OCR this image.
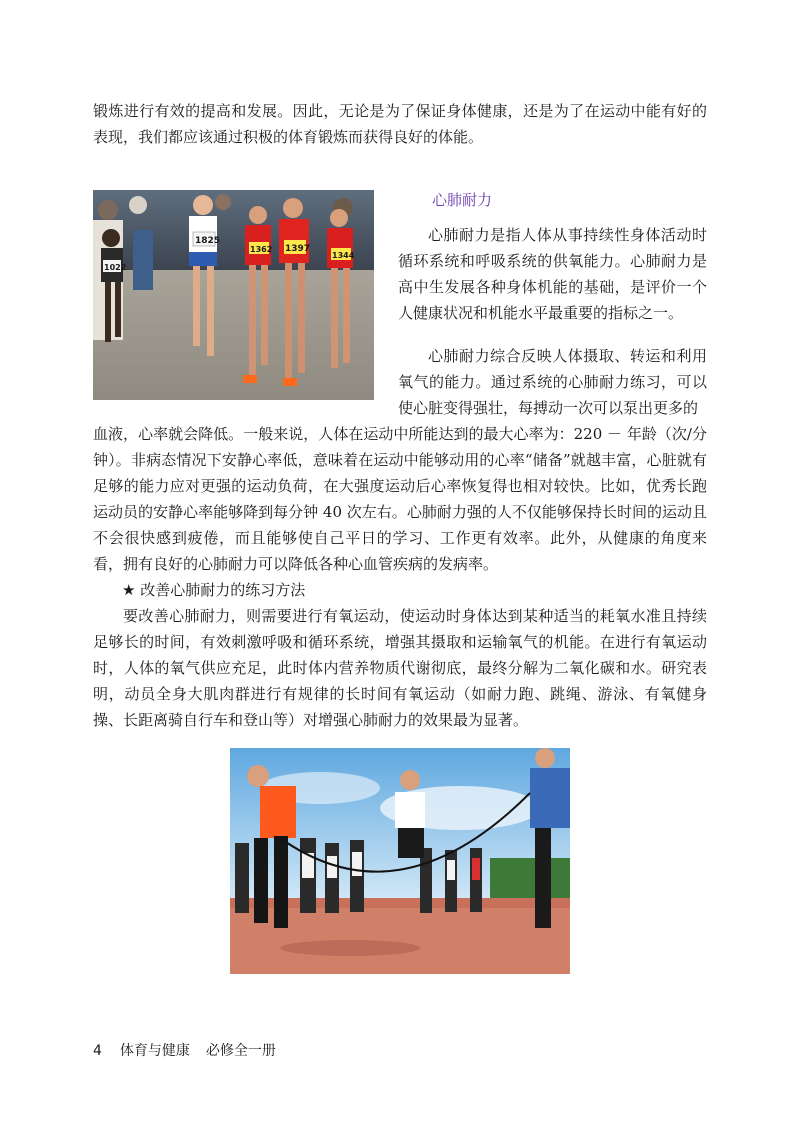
锻炼进行有效的提高和发展。因此，无论是为了保证身体健康，还是为了在运动中能有好的表现，我们都应该通过积极的体育锻炼而获得良好的体能。

1825
1362 1397
1344
1022
心肺耐力

心肺耐力是指人体从事持续性身体活动时循环系统和呼吸系统的供氧能力。心肺耐力是高中生发展各种身体机能的基础，是评价一个人健康状况和机能水平最重要的指标之一。

心肺耐力综合反映人体摄取、转运和利用氧气的能力。通过系统的心肺耐力练习，可以使心脏变得强壮，每搏动一次可以泵出更多的

血液，心率就会降低。一般来说，人体在运动中所能达到的最大心率为：220 － 年龄（次/分钟）。非病态情况下安静心率低，意味着在运动中能够动用的心率“储备”就越丰富，心脏就有足够的能力应对更强的运动负荷，在大强度运动后心率恢复得也相对较快。比如，优秀长跑运动员的安静心率能够降到每分钟 40 次左右。心肺耐力强的人不仅能够保持长时间的运动且不会很快感到疲倦，而且能够使自己平日的学习、工作更有效率。此外，从健康的角度来看，拥有良好的心肺耐力可以降低各种心血管疾病的发病率。

★ 改善心肺耐力的练习方法

要改善心肺耐力，则需要进行有氧运动，使运动时身体达到某种适当的耗氧水准且持续足够长的时间，有效刺激呼吸和循环系统，增强其摄取和运输氧气的机能。在进行有氧运动时，人体的氧气供应充足，此时体内营养物质代谢彻底，最终分解为二氧化碳和水。研究表明，动员全身大肌肉群进行有规律的长时间有氧运动（如耐力跑、跳绳、游泳、有氧健身操、长距离骑自行车和登山等）对增强心肺耐力的效果最为显著。

4 体育与健康 必修全一册
